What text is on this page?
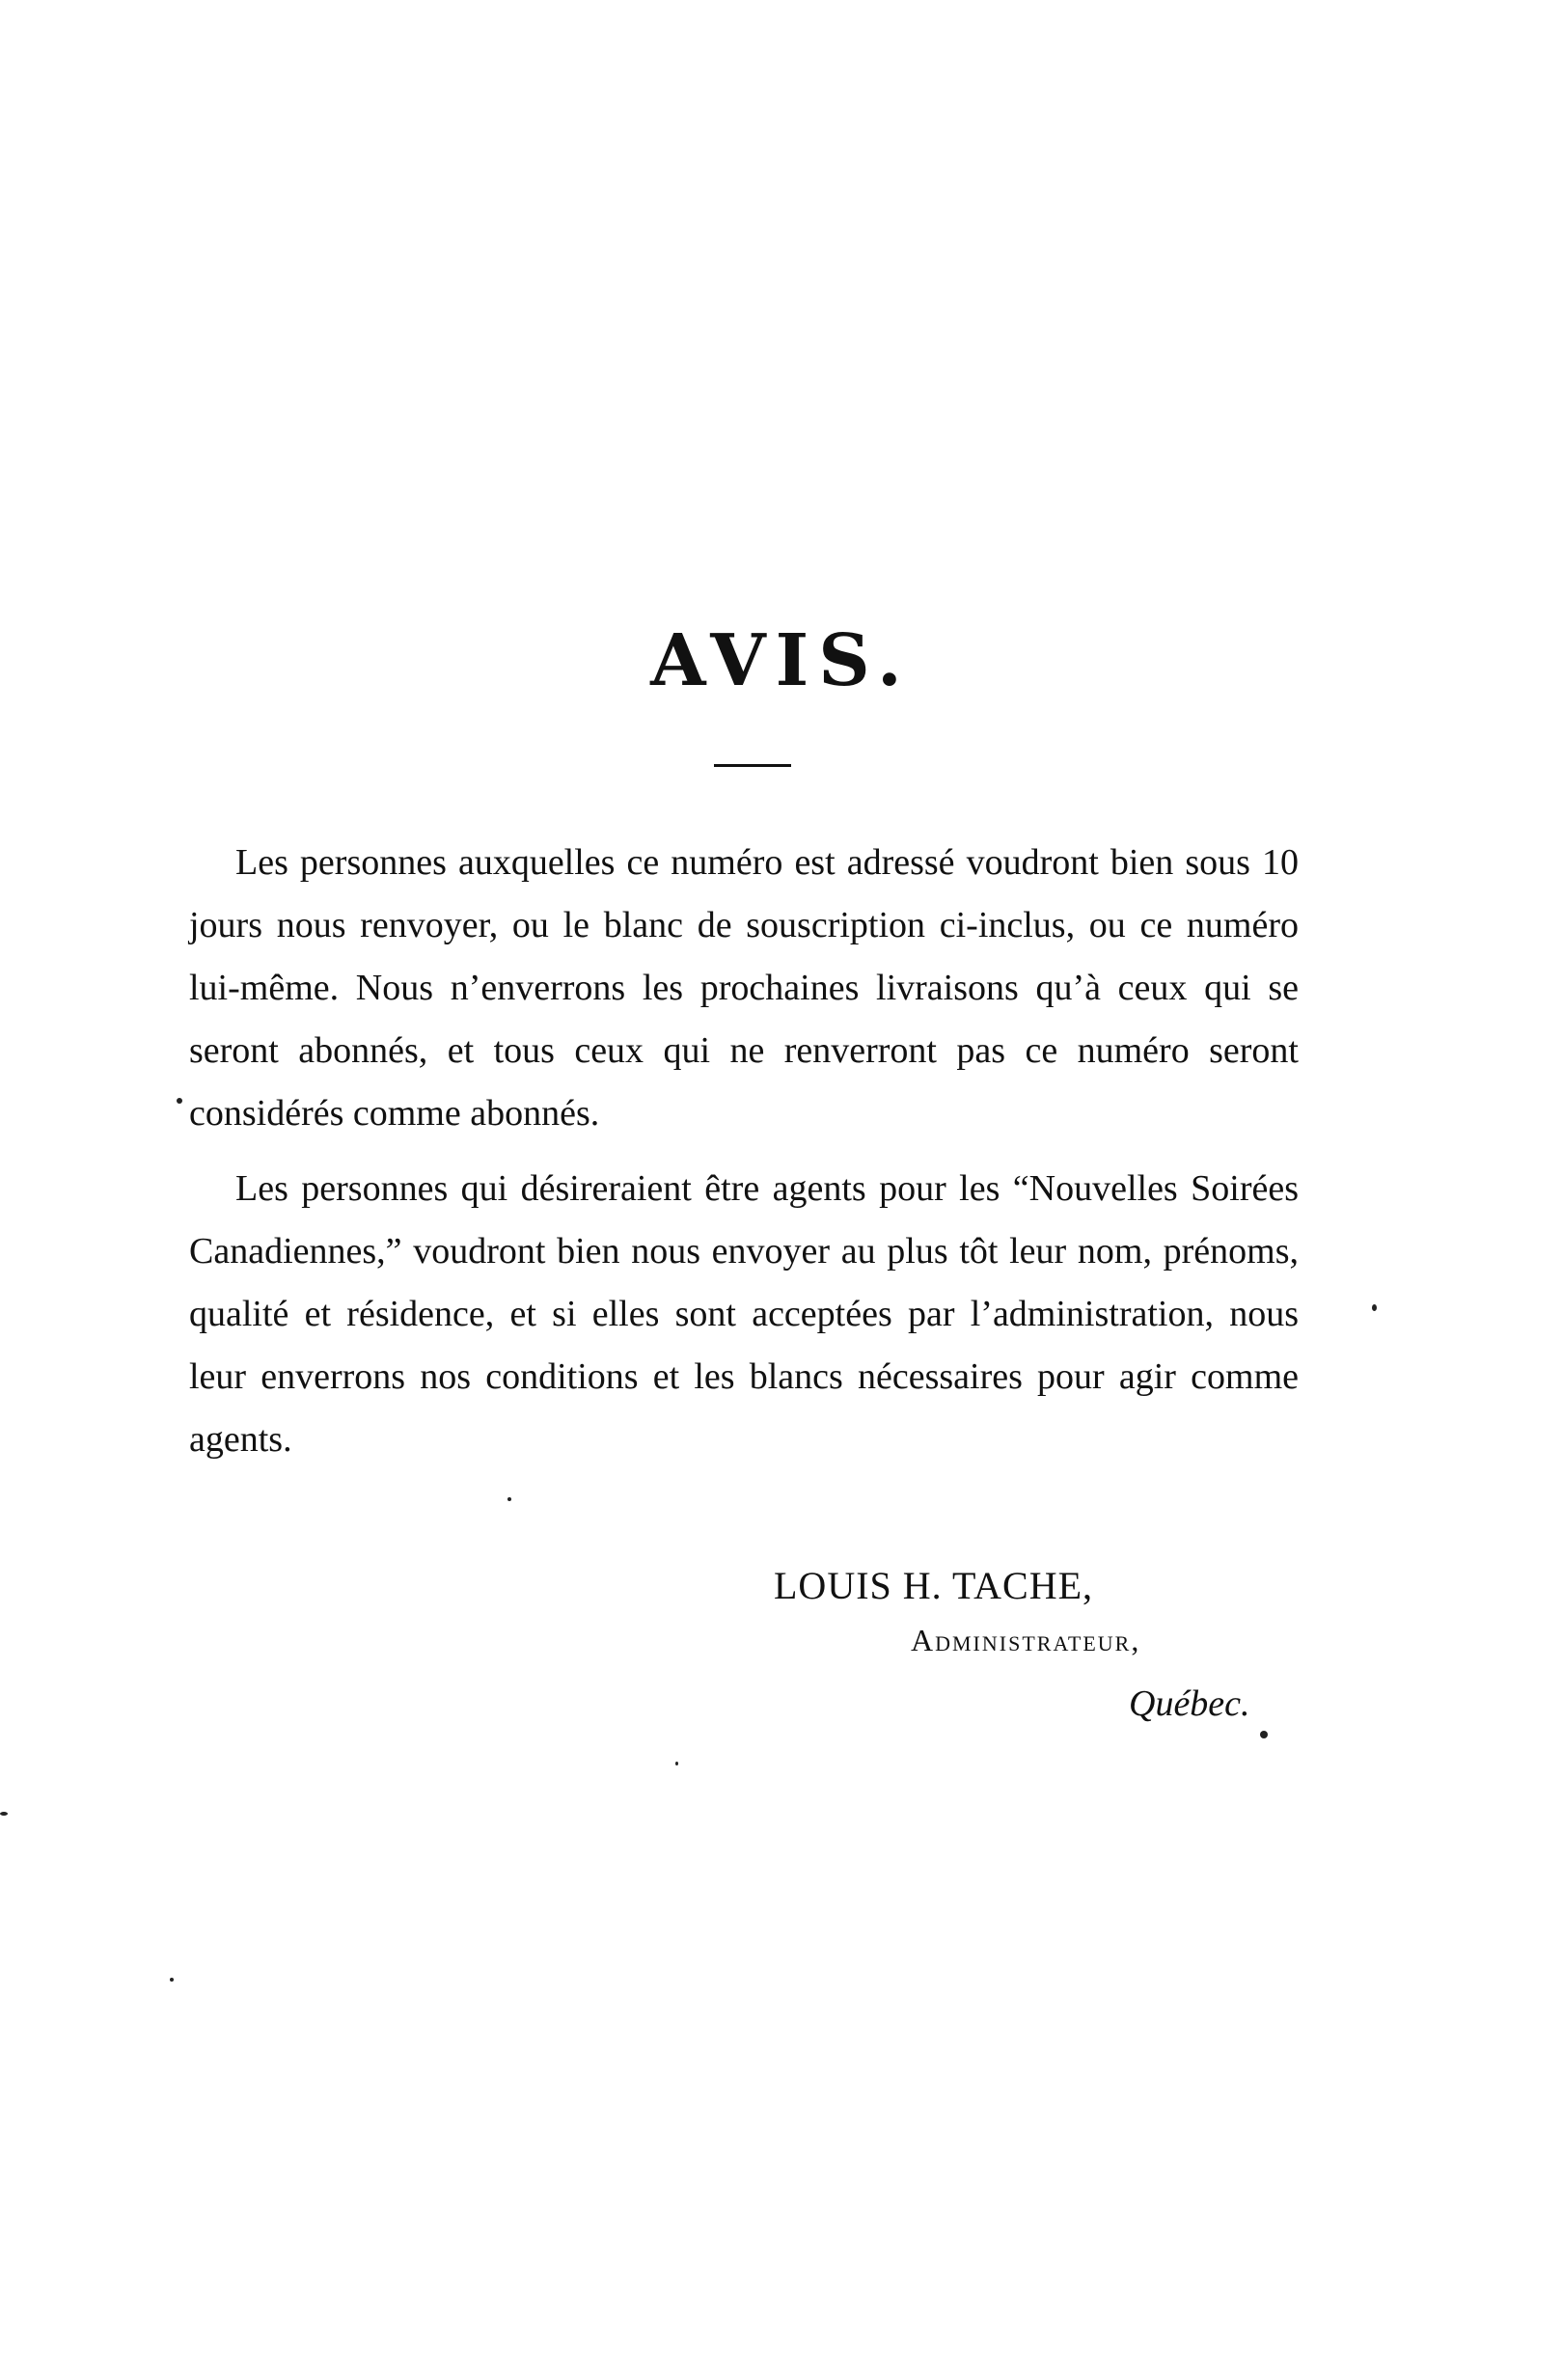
AVIS.

Les personnes auxquelles ce numéro est adressé voudront bien sous 10 jours nous renvoyer, ou le blanc de souscription ci-inclus, ou ce numéro lui-même. Nous n’enverrons les prochaines livraisons qu’à ceux qui se seront abonnés, et tous ceux qui ne renverront pas ce numéro seront considérés comme abonnés.

Les personnes qui désireraient être agents pour les “Nouvelles Soirées Canadiennes,” voudront bien nous envoyer au plus tôt leur nom, prénoms, qualité et résidence, et si elles sont acceptées par l’administration, nous leur enverrons nos conditions et les blancs nécessaires pour agir comme agents.

LOUIS H. TACHE,
Administrateur,
Québec.
